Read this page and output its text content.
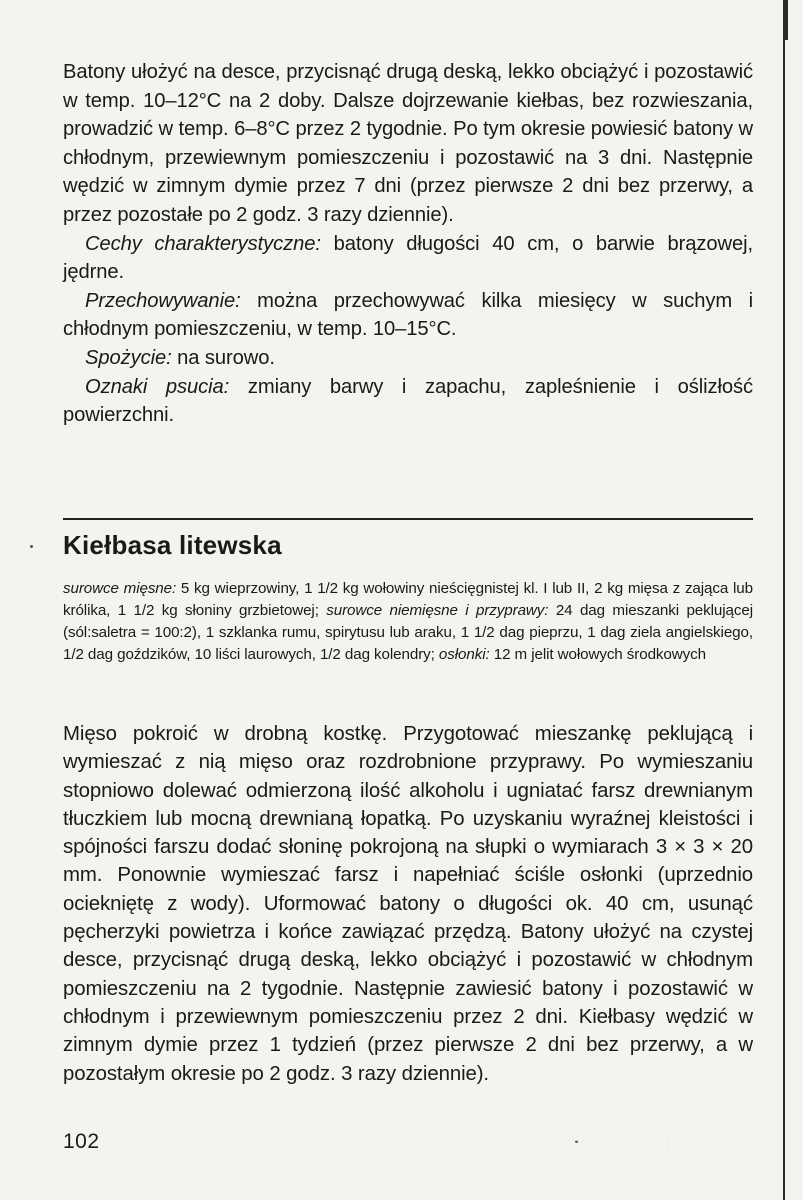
Batony ułożyć na desce, przycisnąć drugą deską, lekko obciążyć i pozostawić w temp. 10–12°C na 2 doby. Dalsze dojrzewanie kiełbas, bez rozwieszania, prowadzić w temp. 6–8°C przez 2 tygodnie. Po tym okresie powiesić batony w chłodnym, przewiewnym pomieszczeniu i pozostawić na 3 dni. Następnie wędzić w zimnym dymie przez 7 dni (przez pierwsze 2 dni bez przerwy, a przez pozostałe po 2 godz. 3 razy dziennie).

Cechy charakterystyczne: batony długości 40 cm, o barwie brązowej, jędrne.

Przechowywanie: można przechowywać kilka miesięcy w suchym i chłodnym pomieszczeniu, w temp. 10–15°C.

Spożycie: na surowo.

Oznaki psucia: zmiany barwy i zapachu, zapleśnienie i oślizłość powierzchni.

Kiełbasa litewska

surowce mięsne: 5 kg wieprzowiny, 1 1/2 kg wołowiny nieścięgnistej kl. I lub II, 2 kg mięsa z zająca lub królika, 1 1/2 kg słoniny grzbietowej; surowce niemięsne i przyprawy: 24 dag mieszanki peklującej (sól:saletra = 100:2), 1 szklanka rumu, spirytusu lub araku, 1 1/2 dag pieprzu, 1 dag ziela angielskiego, 1/2 dag goździków, 10 liści laurowych, 1/2 dag kolendry; osłonki: 12 m jelit wołowych środkowych

Mięso pokroić w drobną kostkę. Przygotować mieszankę peklującą i wymieszać z nią mięso oraz rozdrobnione przyprawy. Po wymieszaniu stopniowo dolewać odmierzoną ilość alkoholu i ugniatać farsz drewnianym tłuczkiem lub mocną drewnianą łopatką. Po uzyskaniu wyraźnej kleistości i spójności farszu dodać słoninę pokrojoną na słupki o wymiarach 3 × 3 × 20 mm. Ponownie wymieszać farsz i napełniać ściśle osłonki (uprzednio ociekniętę z wody). Uformować batony o długości ok. 40 cm, usunąć pęcherzyki powietrza i końce zawiązać przędzą. Batony ułożyć na czystej desce, przycisnąć drugą deską, lekko obciążyć i pozostawić w chłodnym pomieszczeniu na 2 tygodnie. Następnie zawiesić batony i pozostawić w chłodnym i przewiewnym pomieszczeniu przez 2 dni. Kiełbasy wędzić w zimnym dymie przez 1 tydzień (przez pierwsze 2 dni bez przerwy, a w pozostałym okresie po 2 godz. 3 razy dziennie).

wedlinydomowe.pl

102
